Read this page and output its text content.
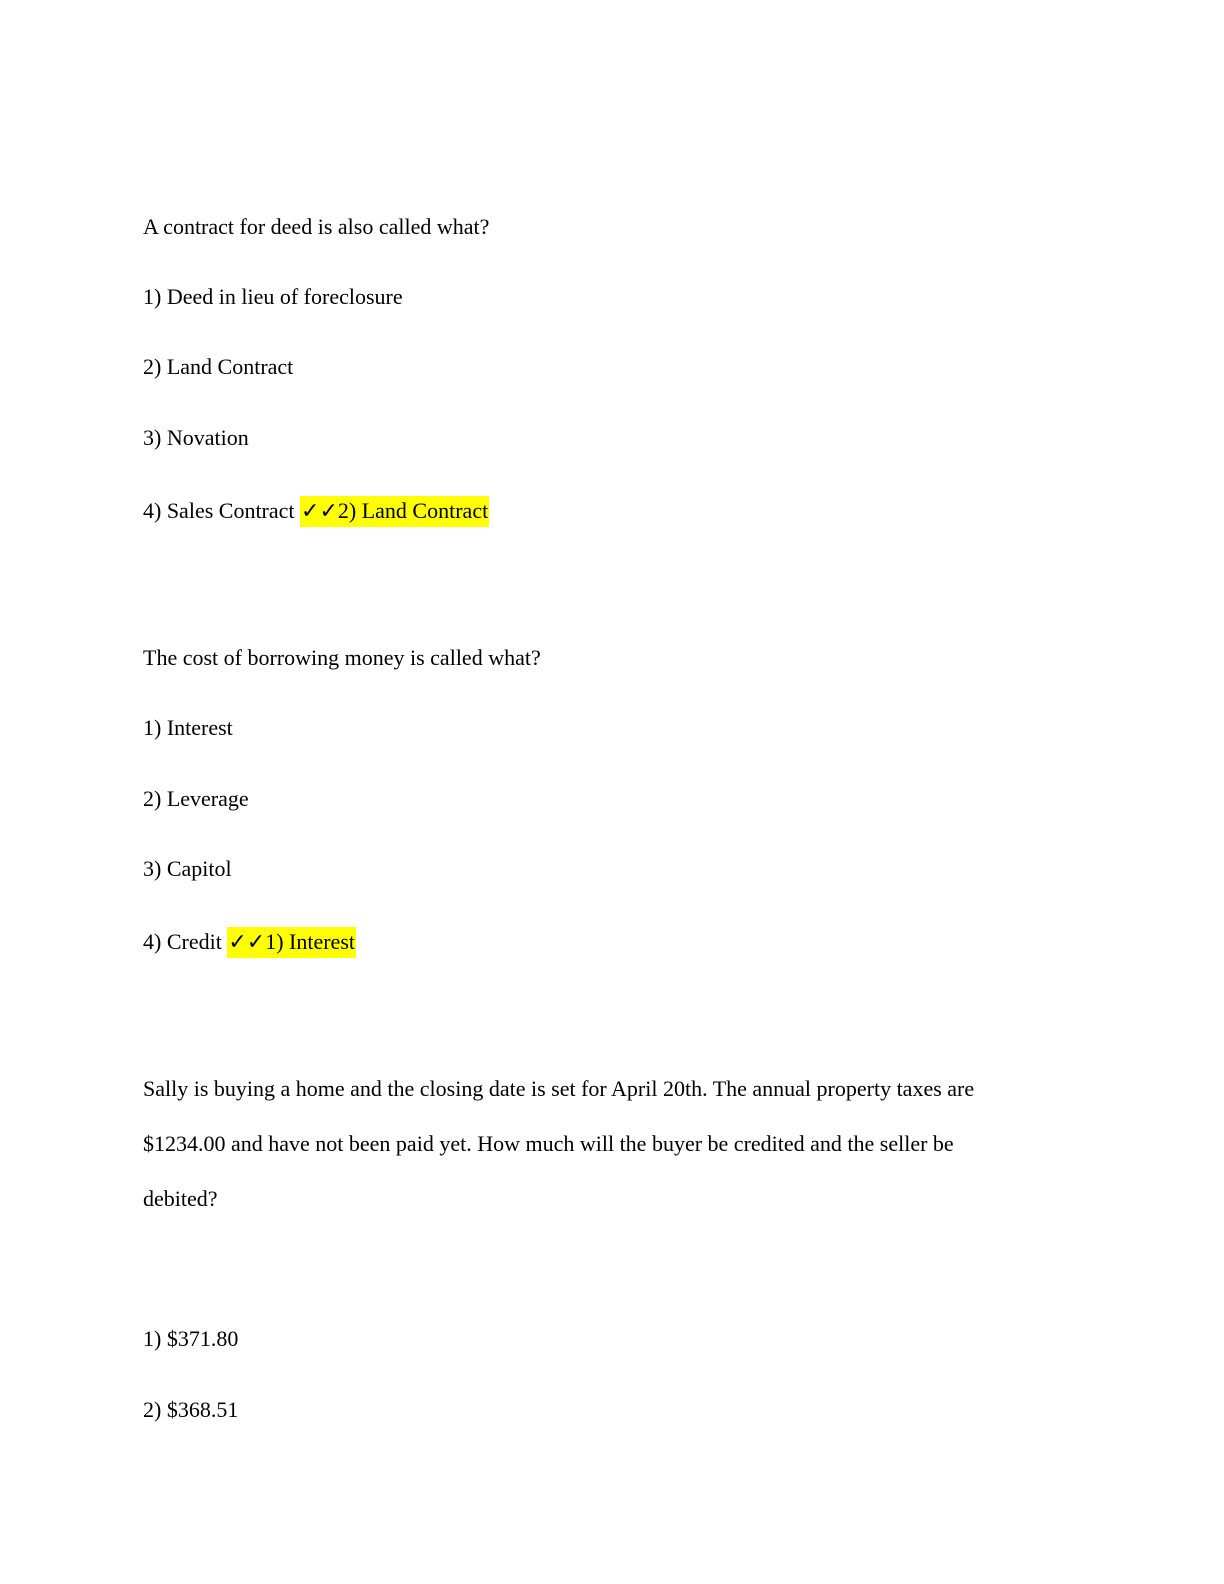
A contract for deed is also called what?
1) Deed in lieu of foreclosure
2) Land Contract
3) Novation
4) Sales Contract ✓✓2) Land Contract
The cost of borrowing money is called what?
1) Interest
2) Leverage
3) Capitol
4) Credit ✓✓1) Interest
Sally is buying a home and the closing date is set for April 20th. The annual property taxes are
$1234.00 and have not been paid yet. How much will the buyer be credited and the seller be
debited?
1) $371.80
2) $368.51
